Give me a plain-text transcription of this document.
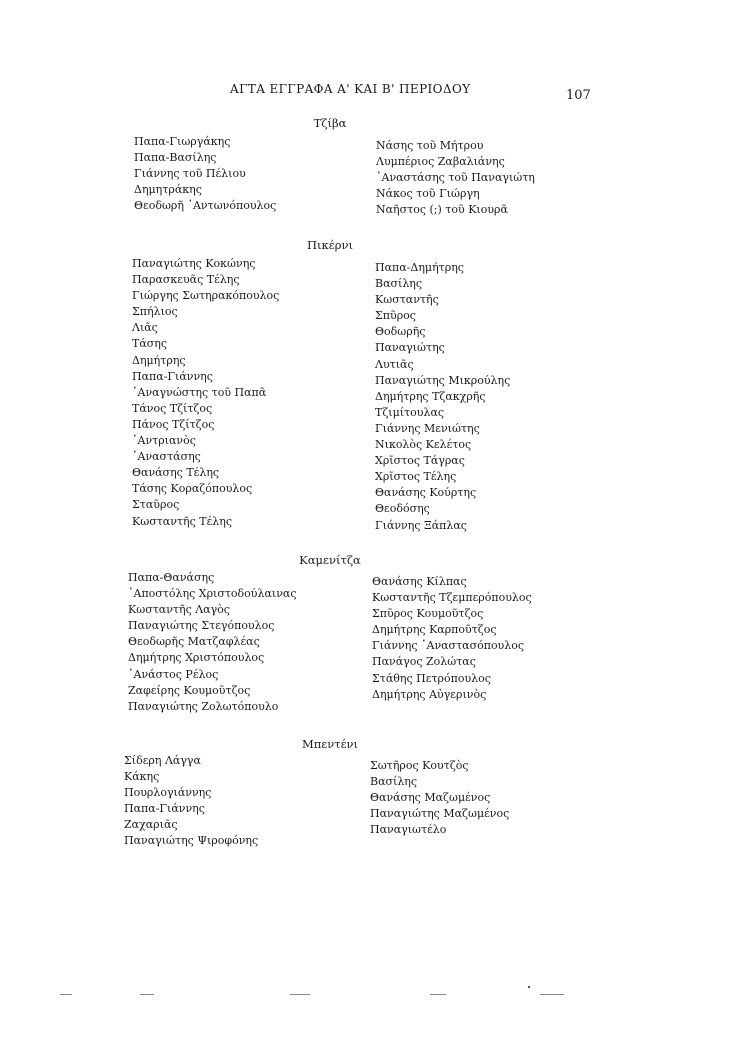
ΑΓΤΑ ΕΓΓΡΑΦΑ Α' ΚΑΙ Β' ΠΕΡΙΟΔΟΥ	107
Τζίβα
Παπα-Γιωργάκης
Παπα-Βασίλης
Γιάννης τοῦ Πέλιου
Δημητράκης
Θεοδωρῆ ᾽Αντωνόπουλος
Νάσης τοῦ Μήτρου
Λυμπέριος Ζαβαλιάνης
᾽Αναστάσης τοῦ Παναγιώτη
Νάκος τοῦ Γιώργη
Ναῆστος (;) τοῦ Κιουρᾶ
Πικέρνι
Παναγιώτης Κοκώνης
Παρασκευᾶς Τέλης
Γιώργης Σωτηρακόπουλος
Σπήλιος
Λιᾶς
Τάσης
Δημήτρης
Παπα-Γιάννης
᾽Αναγνώστης τοῦ Παπᾶ
Τάνος Τζίτζος
Πάνος Τζίτζος
᾽Αντριανὸς
᾽Αναστάσης
Θανάσης Τέλης
Τάσης Κοραζόπουλος
Σταῦρος
Κωσταντῆς Τέλης
Παπα-Δημήτρης
Βασίλης
Κωσταντῆς
Σπῦρος
Θοδωρῆς
Παναγιώτης
Λυτιᾶς
Παναγιώτης Μικρούλης
Δημήτρης Τζακχρῆς
Τζιμίτουλας
Γιάννης Μενιώτης
Νικολὸς Κελέτος
Χρῖστος Τάγρας
Χρῖστος Τέλης
Θανάσης Κούρτης
Θεοδόσης
Γιάννης Ξάπλας
Καμενίτζα
Παπα-Θανάσης
᾽Αποστόλης Χριστοδούλαινας
Κωσταντῆς Λαγὸς
Παναγιώτης Στεγόπουλος
Θεοδωρῆς Ματζαφλέας
Δημήτρης Χριστόπουλος
᾽Ανάστος Ρέλος
Ζαφείρης Κουμοῦτζος
Παναγιώτης Ζολωτόπουλο
Θανάσης Κίλπας
Κωσταντῆς Τζεμπερόπουλος
Σπῦρος Κουμοῦτζος
Δημήτρης Καρποῦτζος
Γιάννης ᾽Αναστασόπουλος
Πανάγος Ζολώτας
Στάθης Πετρόπουλος
Δημήτρης Αὐγερινὸς
Μπεντένι
Σίδερη Λάγγα
Κάκης
Πουρλογιάννης
Παπα-Γιάννης
Ζαχαριᾶς
Παναγιώτης Ψιροφόνης
Σωτῆρος Κουτζὸς
Βασίλης
Θανάσης Μαζωμένος
Παναγιώτης Μαζωμένος
Παναγιωτέλο
